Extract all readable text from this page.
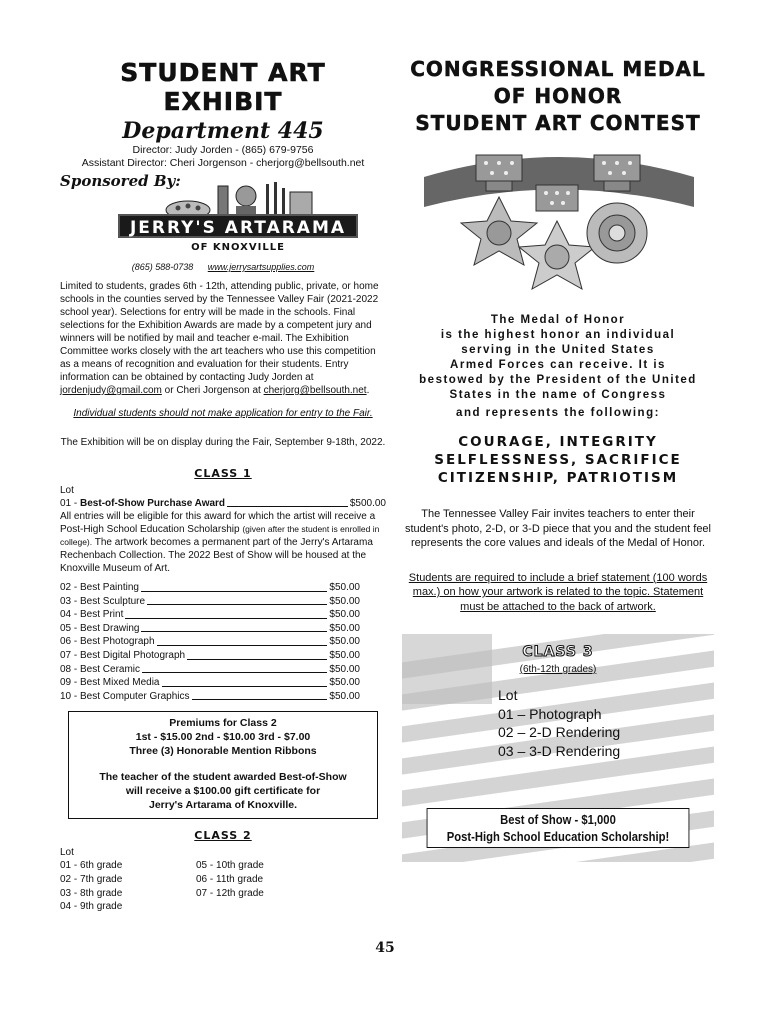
STUDENT ART EXHIBIT
Department 445
Director: Judy Jorden - (865) 679-9756
Assistant Director: Cheri Jorgenson - cherjorg@bellsouth.net
Sponsored By:
JERRY'S ARTARAMA
OF KNOXVILLE
(865) 588-0738 www.jerrysartsupplies.com

Limited to students, grades 6th - 12th, attending public, private, or home schools in the counties served by the Tennessee Valley Fair (2021-2022 school year). Selections for entry will be made in the schools. Final selections for the Exhibition Awards are made by a competent jury and winners will be notified by mail and teacher e-mail. The Exhibition Committee works closely with the art teachers who use this competition as a means of recognition and evaluation for their students. Entry information can be obtained by contacting Judy Jorden at jordenjudy@gmail.com or Cheri Jorgenson at cherjorg@bellsouth.net.

Individual students should not make application for entry to the Fair.

The Exhibition will be on display during the Fair, September 9-18th, 2022.

CLASS 1
Lot
01 - Best-of-Show Purchase Award	$500.00

All entries will be eligible for this award for which the artist will receive a Post-High School Education Scholarship (given after the student is enrolled in college). The artwork becomes a permanent part of the Jerry's Artarama Rechenbach Collection. The 2022 Best of Show will be housed at the Knoxville Museum of Art.

02 - Best Painting	$50.00
03 - Best Sculpture	$50.00
04 - Best Print	$50.00
05 - Best Drawing	$50.00
06 - Best Photograph	$50.00
07 - Best Digital Photograph	$50.00
08 - Best Ceramic	$50.00
09 - Best Mixed Media	$50.00
10 - Best Computer Graphics	$50.00
Premiums for Class 2
1st - $15.00 2nd - $10.00 3rd - $7.00
Three (3) Honorable Mention Ribbons
The teacher of the student awarded Best-of-Show
will receive a $100.00 gift certificate for
Jerry's Artarama of Knoxville.
CLASS 2
Lot
01 - 6th grade
02 - 7th grade
03 - 8th grade
04 - 9th grade
05 - 10th grade
06 - 11th grade
07 - 12th grade
CONGRESSIONAL MEDAL
OF HONOR
STUDENT ART CONTEST
The Medal of Honor
is the highest honor an individual
serving in the United States
Armed Forces can receive. It is
bestowed by the President of the United
States in the name of Congress
and represents the following:
COURAGE, INTEGRITY
SELFLESSNESS, SACRIFICE
CITIZENSHIP, PATRIOTISM

The Tennessee Valley Fair invites teachers to enter their student's photo, 2-D, or 3-D piece that you and the student feel represents the core values and ideals of the Medal of Honor.

Students are required to include a brief statement (100 words max.) on how your artwork is related to the topic. Statement must be attached to the back of artwork.

CLASS 3
(6th-12th grades)
Lot
01 – Photograph
02 – 2-D Rendering
03 – 3-D Rendering
Best of Show - $1,000
Post-High School Education Scholarship!
45
